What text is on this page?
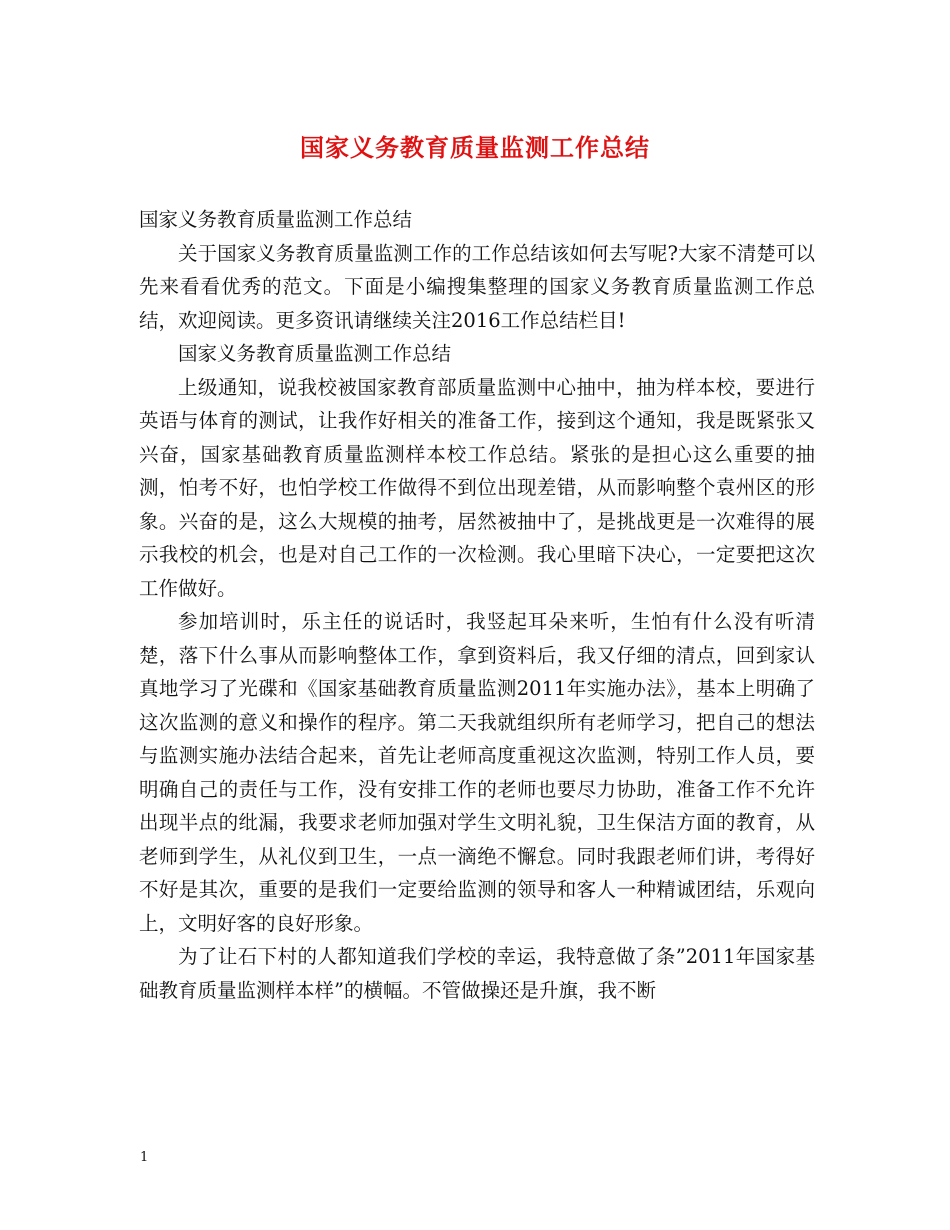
国家义务教育质量监测工作总结

国家义务教育质量监测工作总结

关于国家义务教育质量监测工作的工作总结该如何去写呢?大家不清楚可以先来看看优秀的范文。下面是小编搜集整理的国家义务教育质量监测工作总结，欢迎阅读。更多资讯请继续关注2016工作总结栏目!

国家义务教育质量监测工作总结

上级通知，说我校被国家教育部质量监测中心抽中，抽为样本校，要进行英语与体育的测试，让我作好相关的准备工作，接到这个通知，我是既紧张又兴奋，国家基础教育质量监测样本校工作总结。紧张的是担心这么重要的抽测，怕考不好，也怕学校工作做得不到位出现差错，从而影响整个袁州区的形象。兴奋的是，这么大规模的抽考，居然被抽中了，是挑战更是一次难得的展示我校的机会，也是对自己工作的一次检测。我心里暗下决心，一定要把这次工作做好。

参加培训时，乐主任的说话时，我竖起耳朵来听，生怕有什么没有听清楚，落下什么事从而影响整体工作，拿到资料后，我又仔细的清点，回到家认真地学习了光碟和《国家基础教育质量监测2011年实施办法》，基本上明确了这次监测的意义和操作的程序。第二天我就组织所有老师学习，把自己的想法与监测实施办法结合起来，首先让老师高度重视这次监测，特别工作人员，要明确自己的责任与工作，没有安排工作的老师也要尽力协助，准备工作不允许出现半点的纰漏，我要求老师加强对学生文明礼貌，卫生保洁方面的教育，从老师到学生，从礼仪到卫生，一点一滴绝不懈怠。同时我跟老师们讲，考得好不好是其次，重要的是我们一定要给监测的领导和客人一种精诚团结，乐观向上，文明好客的良好形象。

为了让石下村的人都知道我们学校的幸运，我特意做了条”2011年国家基础教育质量监测样本样”的横幅。不管做操还是升旗，我不断

1
